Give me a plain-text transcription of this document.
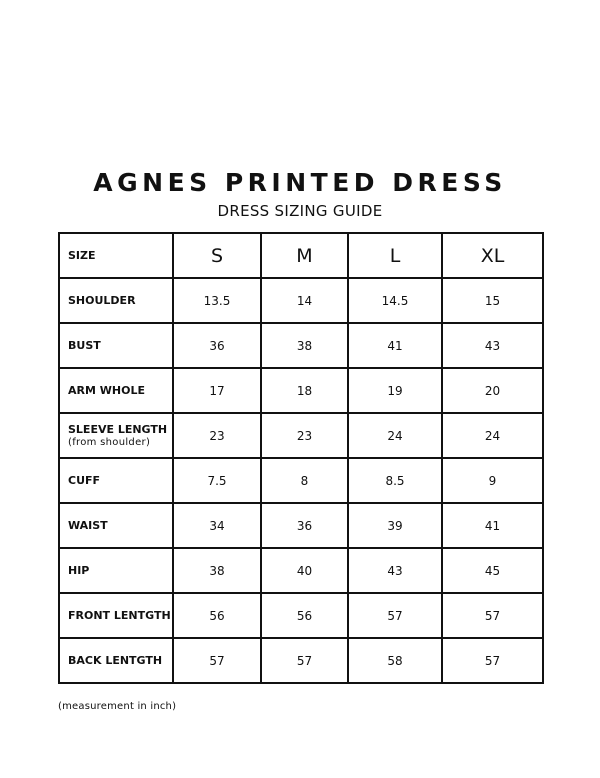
AGNES PRINTED DRESS
DRESS SIZING GUIDE
SIZE	S	M	L	XL
SHOULDER	13.5	14	14.5	15
BUST	36	38	41	43
ARM WHOLE	17	18	19	20
SLEEVE LENGTH
(from shoulder)	23	23	24	24
CUFF	7.5	8	8.5	9
WAIST	34	36	39	41
HIP	38	40	43	45
FRONT LENTGTH	56	56	57	57
BACK LENTGTH	57	57	58	57
(measurement in inch)
